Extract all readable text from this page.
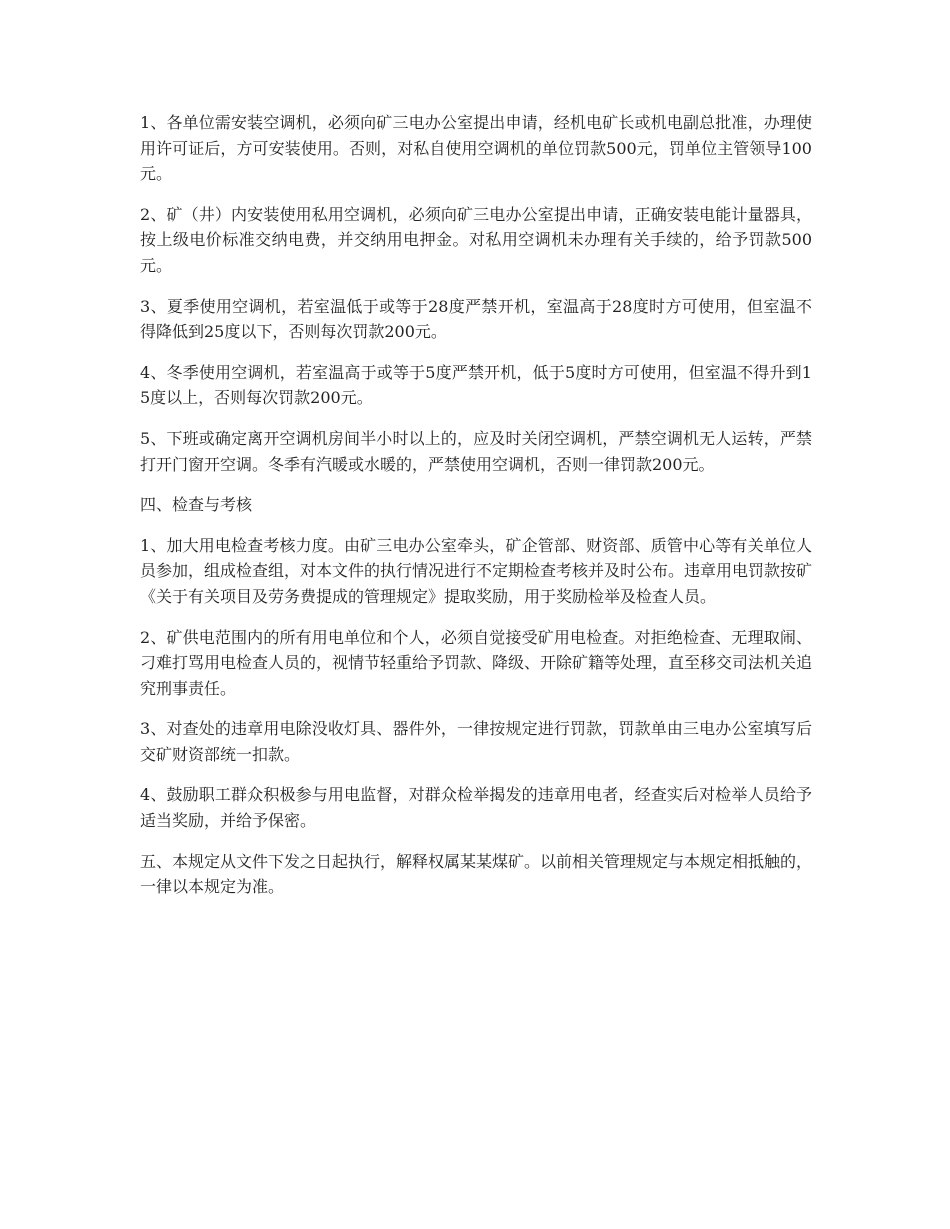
1、各单位需安装空调机，必须向矿三电办公室提出申请，经机电矿长或机电副总批准，办理使用许可证后，方可安装使用。否则，对私自使用空调机的单位罚款500元，罚单位主管领导100元。

2、矿（井）内安装使用私用空调机，必须向矿三电办公室提出申请，正确安装电能计量器具，按上级电价标准交纳电费，并交纳用电押金。对私用空调机未办理有关手续的，给予罚款500元。

3、夏季使用空调机，若室温低于或等于28度严禁开机，室温高于28度时方可使用，但室温不得降低到25度以下，否则每次罚款200元。

4、冬季使用空调机，若室温高于或等于5度严禁开机，低于5度时方可使用，但室温不得升到15度以上，否则每次罚款200元。

5、下班或确定离开空调机房间半小时以上的，应及时关闭空调机，严禁空调机无人运转，严禁打开门窗开空调。冬季有汽暖或水暖的，严禁使用空调机，否则一律罚款200元。

四、检查与考核

1、加大用电检查考核力度。由矿三电办公室牵头，矿企管部、财资部、质管中心等有关单位人员参加，组成检查组，对本文件的执行情况进行不定期检查考核并及时公布。违章用电罚款按矿《关于有关项目及劳务费提成的管理规定》提取奖励，用于奖励检举及检查人员。

2、矿供电范围内的所有用电单位和个人，必须自觉接受矿用电检查。对拒绝检查、无理取闹、刁难打骂用电检查人员的，视情节轻重给予罚款、降级、开除矿籍等处理，直至移交司法机关追究刑事责任。

3、对查处的违章用电除没收灯具、器件外，一律按规定进行罚款，罚款单由三电办公室填写后交矿财资部统一扣款。

4、鼓励职工群众积极参与用电监督，对群众检举揭发的违章用电者，经查实后对检举人员给予适当奖励，并给予保密。

五、本规定从文件下发之日起执行，解释权属某某煤矿。以前相关管理规定与本规定相抵触的，一律以本规定为准。
